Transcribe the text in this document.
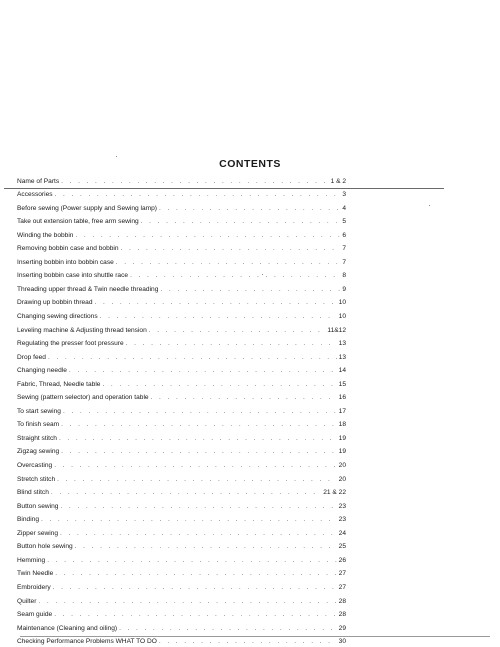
CONTENTS
Name of Parts . . .	1 & 2
Accessories . . .	3
Before sewing (Power supply and Sewing lamp) . . .	4
Take out extension table, free arm sewing . . .	5
Winding the bobbin . . .	6
Removing bobbin case and bobbin . . .	7
Inserting bobbin into bobbin case . . .	7
Inserting bobbin case into shuttle race . . .	8
Threading upper thread & Twin needle threading . . .	9
Drawing up bobbin thread . . .	10
Changing sewing directions . . .	10
Leveling machine & Adjusting thread tension . . .	11&12
Regulating the presser foot pressure . . .	13
Drop feed . . .	13
Changing needle . . .	14
Fabric, Thread, Needle table . . .	15
Sewing (pattern selector) and operation table . . .	16
To start sewing . . .	17
To finish seam . . .	18
Straight stitch . . .	19
Zigzag sewing . . .	19
Overcasting . . .	20
Stretch stitch . . .	20
Blind stitch . . .	21 & 22
Button sewing . . .	23
Binding . . .	23
Zipper sewing . . .	24
Button hole sewing . . .	25
Hemming . . .	26
Twin Needle . . .	27
Embroidery . . .	27
Quilter . . .	28
Seam guide . . .	28
Maintenance (Cleaning and oiling) . . .	29
Checking Performance Problems WHAT TO DO . . .	30
